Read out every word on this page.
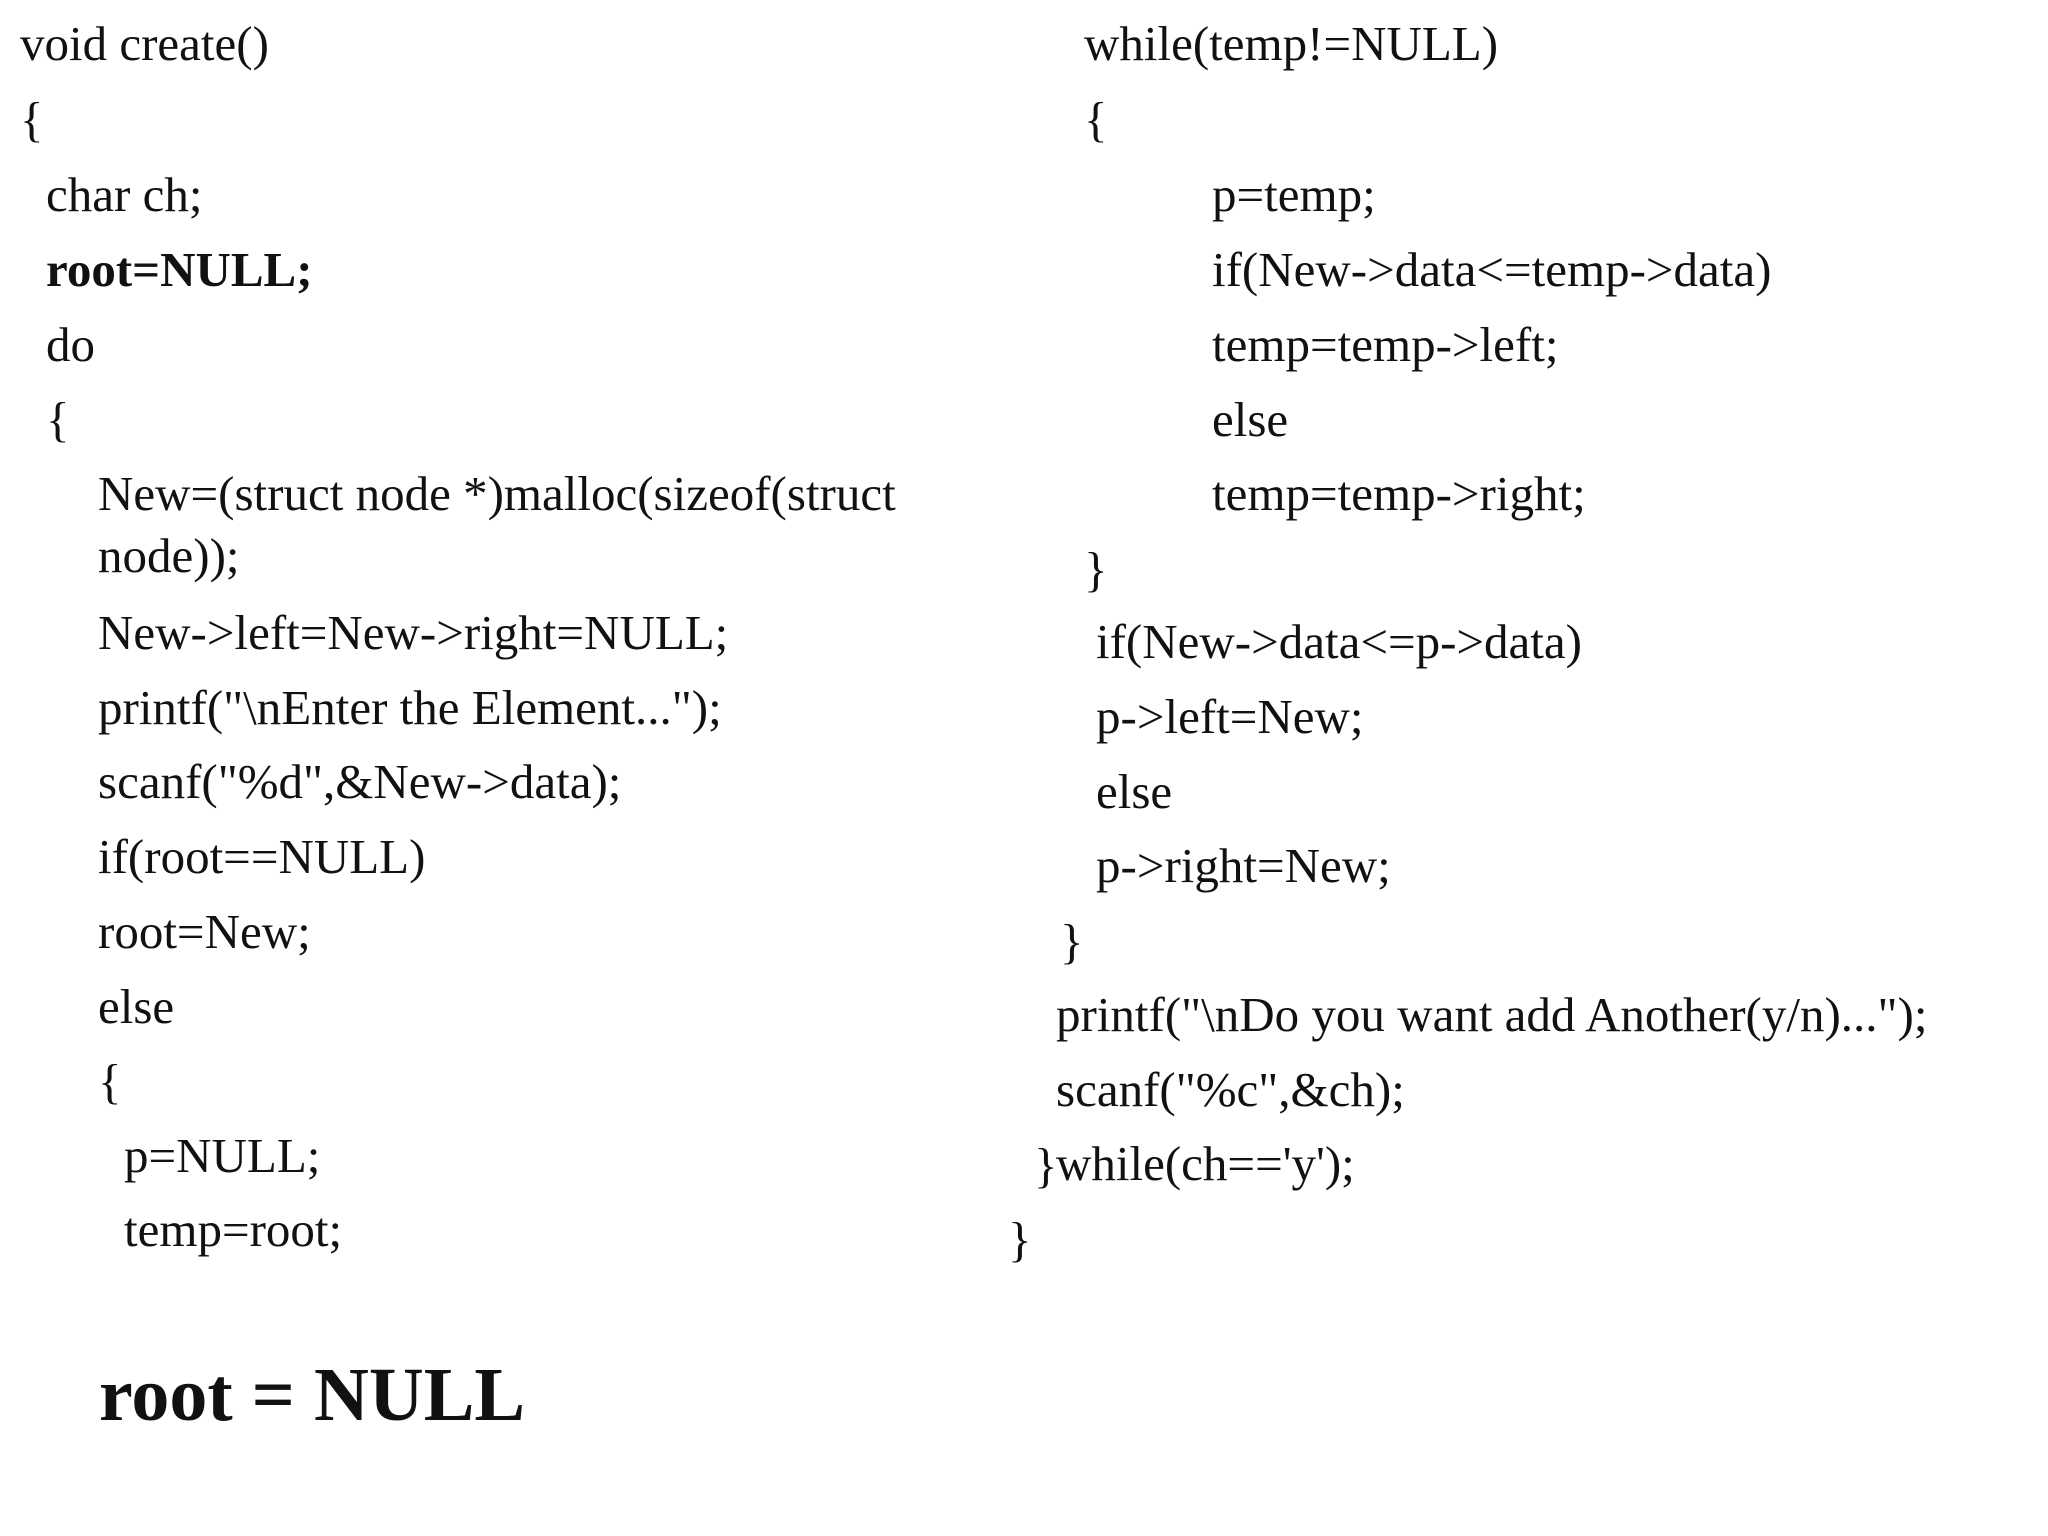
void create()

{

char ch;

root=NULL;

do

{

New=(struct node *)malloc(sizeof(struct

node));

New->left=New->right=NULL;

printf("\nEnter the Element...");

scanf("%d",&New->data);

if(root==NULL)

root=New;

else

{

p=NULL;

temp=root;

while(temp!=NULL)

{

p=temp;

if(New->data<=temp->data)

temp=temp->left;

else

temp=temp->right;

}

if(New->data<=p->data)

p->left=New;

else

p->right=New;

}

printf("\nDo you want add Another(y/n)...");

scanf("%c",&ch);

}

while(ch=='y');

}

root = NULL
